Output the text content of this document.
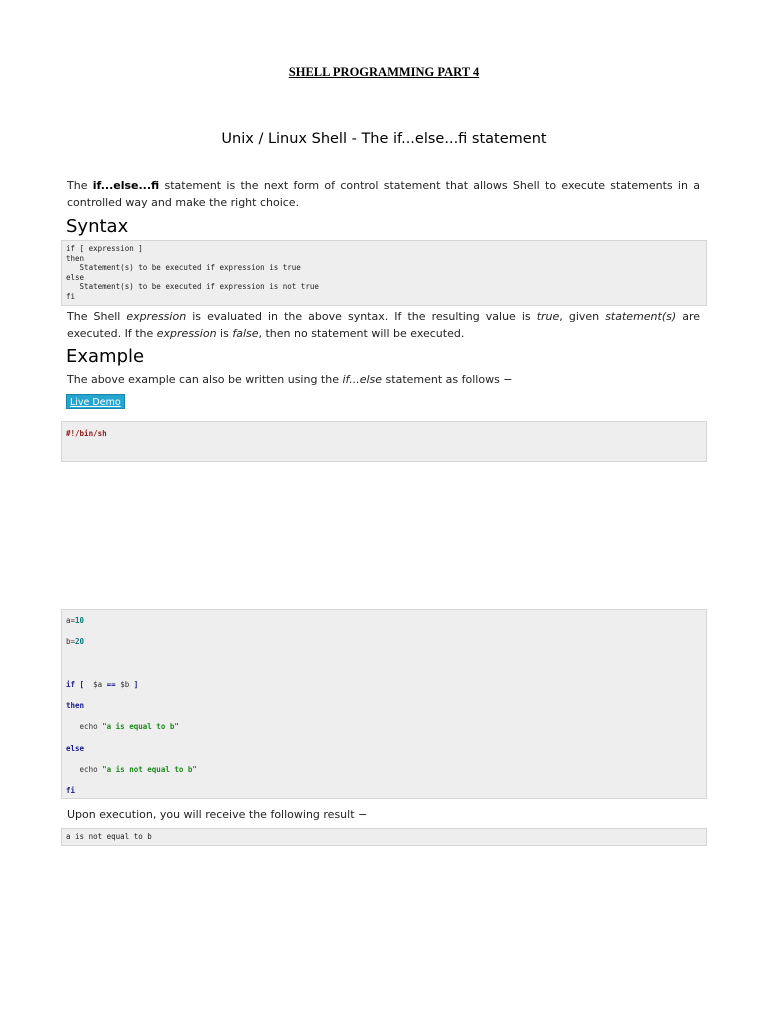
SHELL PROGRAMMING PART 4
Unix / Linux Shell - The if...else...fi statement
The if...else...fi statement is the next form of control statement that allows Shell to execute statements in a controlled way and make the right choice.
Syntax
if [ expression ]
then
Statement(s) to be executed if expression is true
else
Statement(s) to be executed if expression is not true
fi
The Shell expression is evaluated in the above syntax. If the resulting value is true, given statement(s) are executed. If the expression is false, then no statement will be executed.
Example
The above example can also be written using the if...else statement as follows −
Live Demo
#!/bin/sh
a=10
b=20
if [  $a == $b ]
then
echo "a is equal to b"
else
echo "a is not equal to b"
fi
Upon execution, you will receive the following result −
a is not equal to b
